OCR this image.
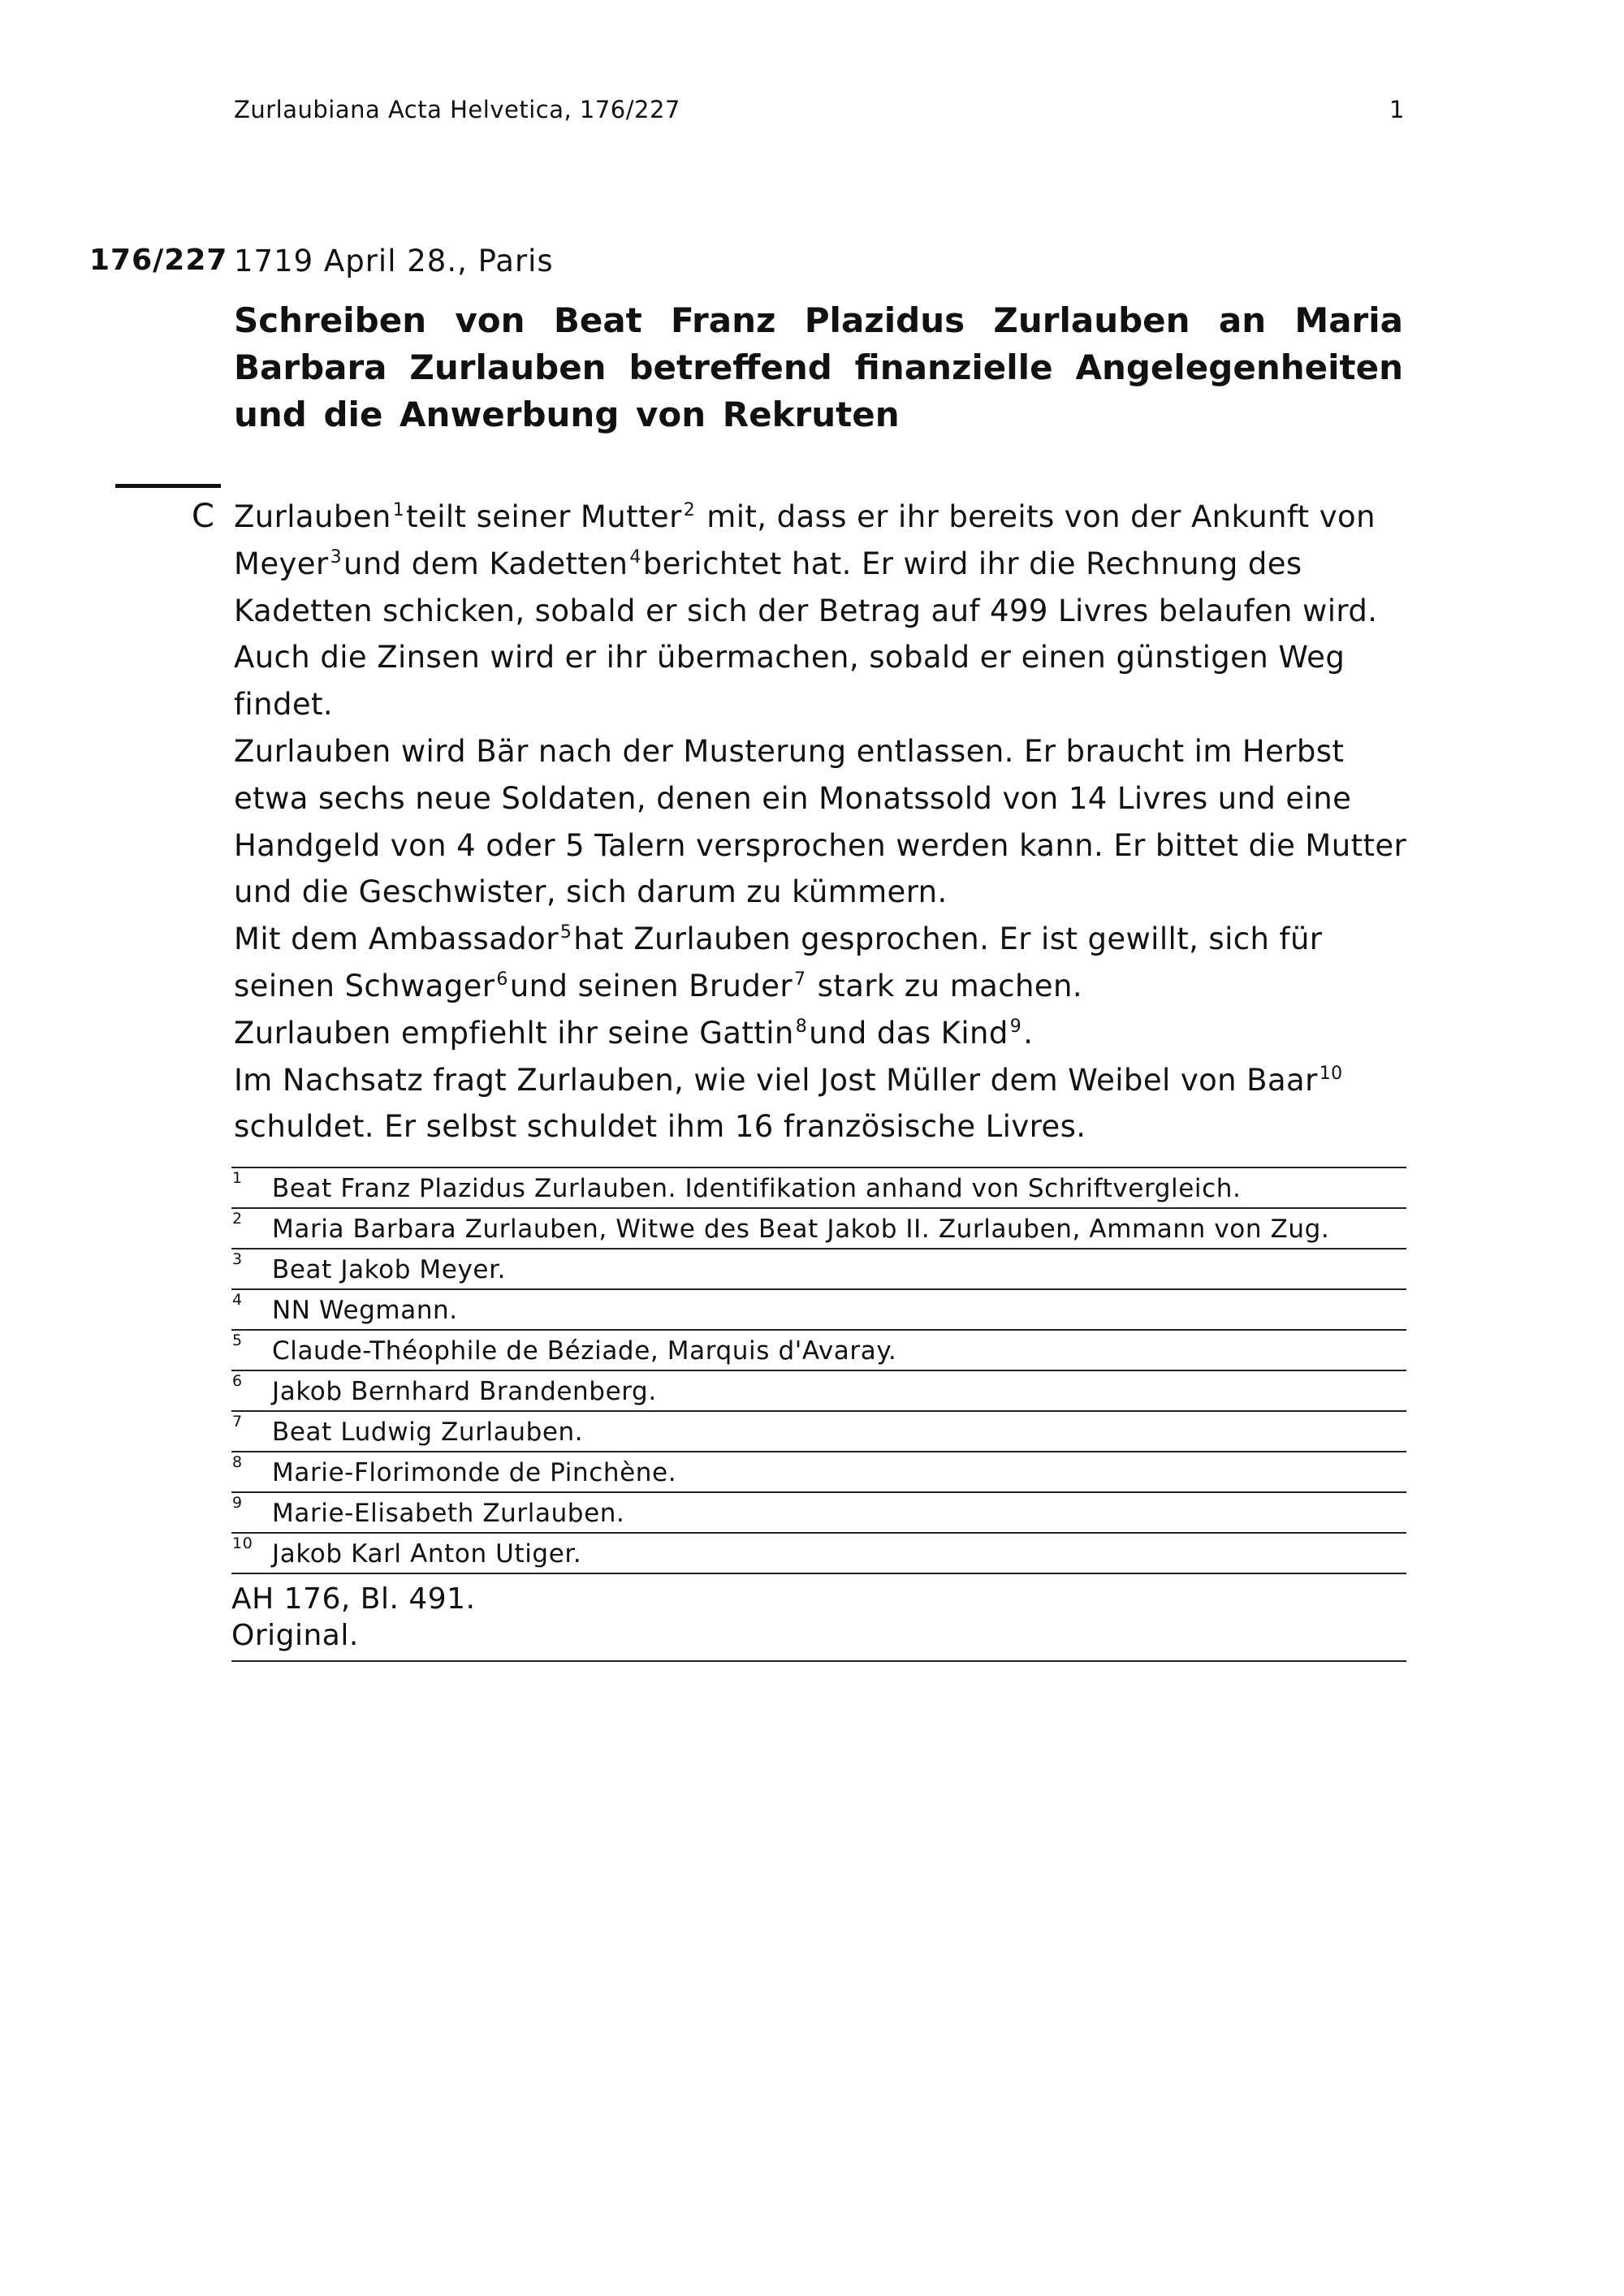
Zurlaubiana Acta Helvetica, 176/227	1
176/227 1719 April 28., Paris
Schreiben von Beat Franz Plazidus Zurlauben an Maria Barbara Zurlauben betreffend finanzielle Angelegenheiten und die Anwerbung von Rekruten
C Zurlauben$^1$teilt seiner Mutter$^2$ mit, dass er ihr bereits von der Ankunft von Meyer$^3$und dem Kadetten$^4$berichtet hat. Er wird ihr die Rechnung des Kadetten schicken, sobald er sich der Betrag auf 499 Livres belaufen wird. Auch die Zinsen wird er ihr übermachen, sobald er einen günstigen Weg findet.

Zurlauben wird Bär nach der Musterung entlassen. Er braucht im Herbst etwa sechs neue Soldaten, denen ein Monatssold von 14 Livres und eine Handgeld von 4 oder 5 Talern versprochen werden kann. Er bittet die Mutter und die Geschwister, sich darum zu kümmern.

Mit dem Ambassador$^5$hat Zurlauben gesprochen. Er ist gewillt, sich für seinen Schwager$^6$und seinen Bruder$^7$ stark zu machen.

Zurlauben empfiehlt ihr seine Gattin$^8$und das Kind$^9$.

Im Nachsatz fragt Zurlauben, wie viel Jost Müller dem Weibel von Baar$^{10}$ schuldet. Er selbst schuldet ihm 16 französische Livres.

1 Beat Franz Plazidus Zurlauben. Identifikation anhand von Schriftvergleich.
2 Maria Barbara Zurlauben, Witwe des Beat Jakob II. Zurlauben, Ammann von Zug.
3 Beat Jakob Meyer.
4 NN Wegmann.
5 Claude-Théophile de Béziade, Marquis d'Avaray.
6 Jakob Bernhard Brandenberg.
7 Beat Ludwig Zurlauben.
8 Marie-Florimonde de Pinchène.
9 Marie-Elisabeth Zurlauben.
10 Jakob Karl Anton Utiger.
AH 176, Bl. 491.
Original.
